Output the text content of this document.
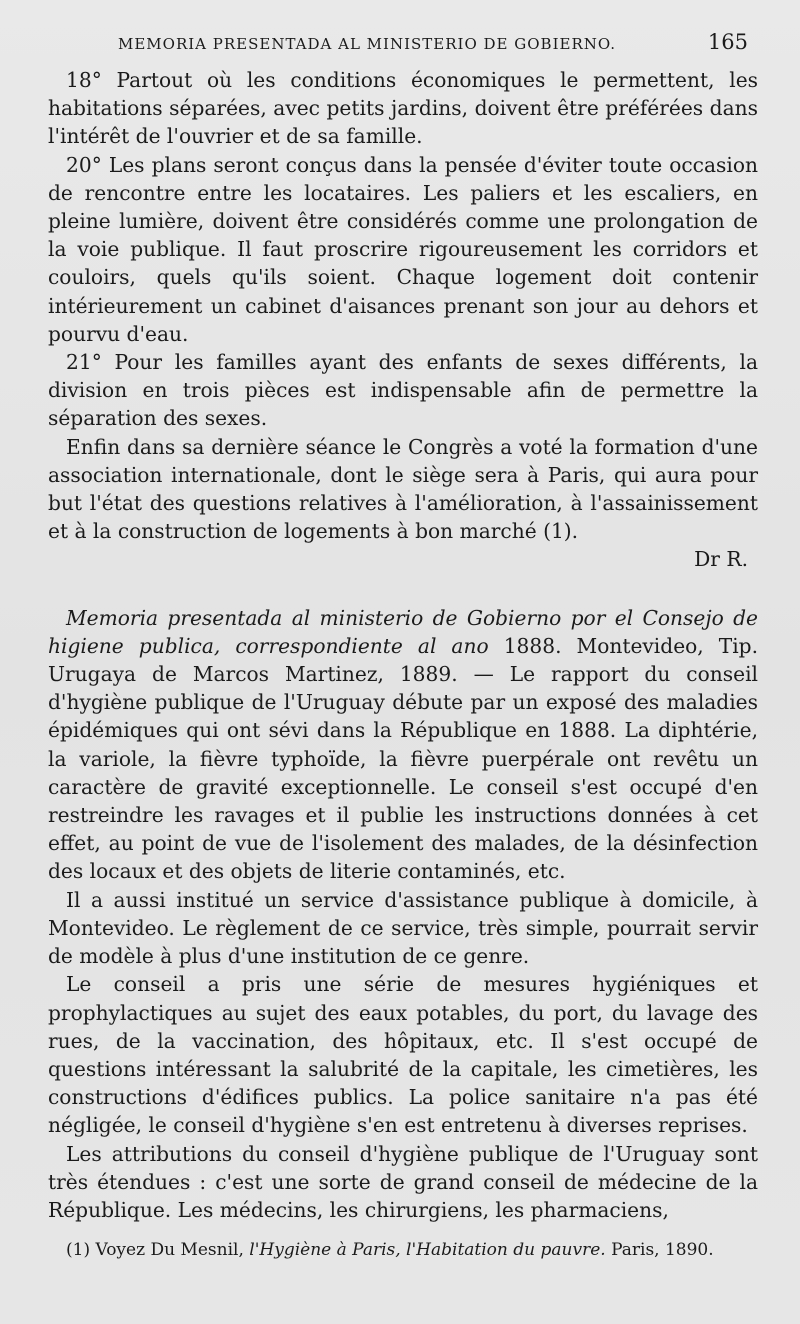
MEMORIA PRESENTADA AL MINISTERIO DE GOBIERNO.	165

18° Partout où les conditions économiques le permettent, les habitations séparées, avec petits jardins, doivent être préférées dans l'intérêt de l'ouvrier et de sa famille.

20° Les plans seront conçus dans la pensée d'éviter toute occasion de rencontre entre les locataires. Les paliers et les escaliers, en pleine lumière, doivent être considérés comme une prolongation de la voie publique. Il faut proscrire rigoureusement les corridors et couloirs, quels qu'ils soient. Chaque logement doit contenir intérieurement un cabinet d'aisances prenant son jour au dehors et pourvu d'eau.

21° Pour les familles ayant des enfants de sexes différents, la division en trois pièces est indispensable afin de permettre la séparation des sexes.

Enfin dans sa dernière séance le Congrès a voté la formation d'une association internationale, dont le siège sera à Paris, qui aura pour but l'état des questions relatives à l'amélioration, à l'assainissement et à la construction de logements à bon marché (1).

Dr R.

Memoria presentada al ministerio de Gobierno por el Consejo de higiene publica, correspondiente al ano 1888. Montevideo, Tip. Urugaya de Marcos Martinez, 1889. — Le rapport du conseil d'hygiène publique de l'Uruguay débute par un exposé des maladies épidémiques qui ont sévi dans la République en 1888. La diphtérie, la variole, la fièvre typhoïde, la fièvre puerpérale ont revêtu un caractère de gravité exceptionnelle. Le conseil s'est occupé d'en restreindre les ravages et il publie les instructions données à cet effet, au point de vue de l'isolement des malades, de la désinfection des locaux et des objets de literie contaminés, etc.

Il a aussi institué un service d'assistance publique à domicile, à Montevideo. Le règlement de ce service, très simple, pourrait servir de modèle à plus d'une institution de ce genre.

Le conseil a pris une série de mesures hygiéniques et prophylactiques au sujet des eaux potables, du port, du lavage des rues, de la vaccination, des hôpitaux, etc. Il s'est occupé de questions intéressant la salubrité de la capitale, les cimetières, les constructions d'édifices publics. La police sanitaire n'a pas été négligée, le conseil d'hygiène s'en est entretenu à diverses reprises.

Les attributions du conseil d'hygiène publique de l'Uruguay sont très étendues : c'est une sorte de grand conseil de médecine de la République. Les médecins, les chirurgiens, les pharmaciens,

(1) Voyez Du Mesnil, l'Hygiène à Paris, l'Habitation du pauvre. Paris, 1890.
